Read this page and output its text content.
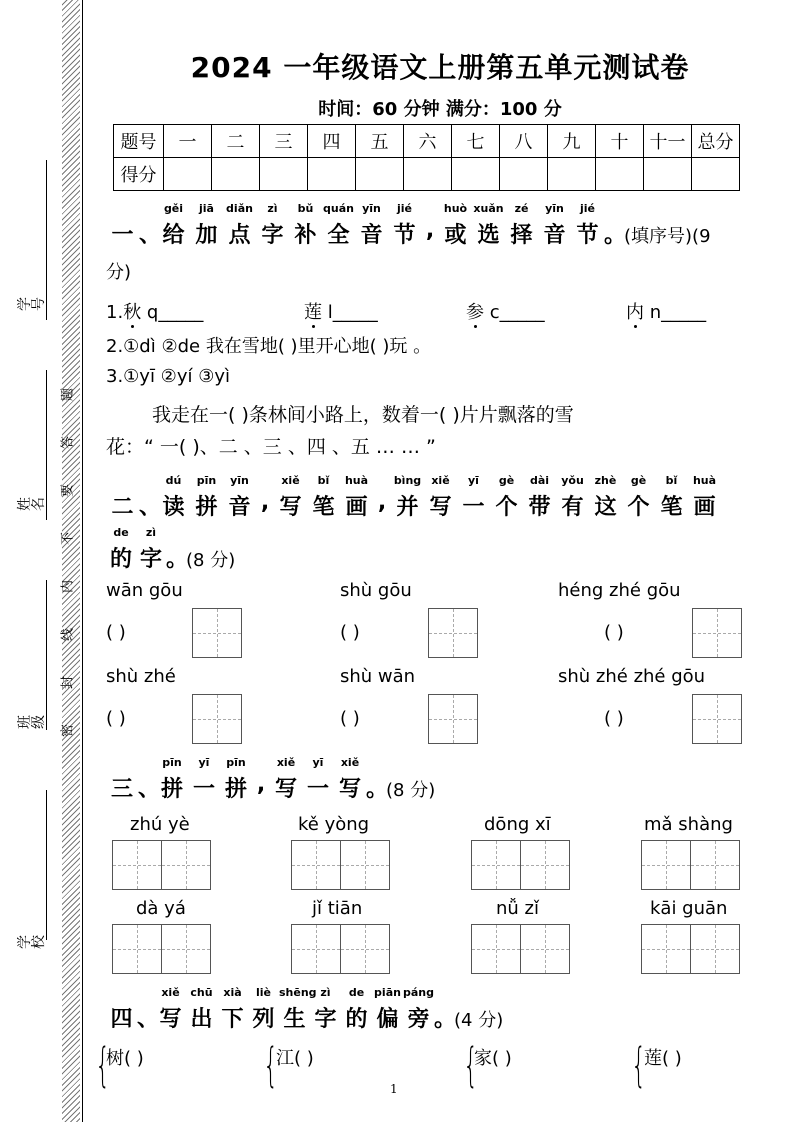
学号
姓名
班级
学校
题
答
要
不
内
线
封
密
2024 一年级语文上册第五单元测试卷
时间：60 分钟 满分：100 分
题号	一	二	三	四	五	六	七	八	九	十	十一	总分
得分												
一 、
gěi
给
jiā
加
diǎn
点
zì
字
bǔ
补
quán
全
yīn
音
jié
节 ,
huò
或
xuǎn
选
zé
择
yīn
音
jié
节 。
(填序号)(9
分)
1.秋 q_____	莲 l_____	参 c_____	内 n_____
2.①dì ②de 我在雪地( )里开心地( )玩 。
3.①yī ②yí ③yì
我走在一( )条林间小路上，数着一( )片片飘落的雪
花：“ 一( )、二 、三 、四 、五 … … ”
二 、
dú
读
pīn
拼
yīn
音 ,
xiě
写
bǐ
笔
huà
画 ,
bìng
并
xiě
写
yī
一
gè
个
dài
带
yǒu
有
zhè
这
gè
个
bǐ
笔
huà
画
de
的
zì
字 。
(8 分)
wān gōu	shù gōu	héng zhé gōu
( )	( )	( )
shù zhé	shù wān	shù zhé zhé gōu
( )	( )	( )
三 、
pīn
拼
yī
一
pīn
拼 ,
xiě
写
yī
一
xiě
写 。
(8 分)
zhú yè	kě yòng	dōng xī	mǎ shàng
dà yá	jǐ tiān	nǚ zǐ	kāi guān
四 、
xiě
写
chū
出
xià
下
liè
列
shēng
生
zì
字
de
的
piān
偏
páng
旁 。
(4 分)
{
树( )	{
江( )	{
家( )	{
莲( )
1
